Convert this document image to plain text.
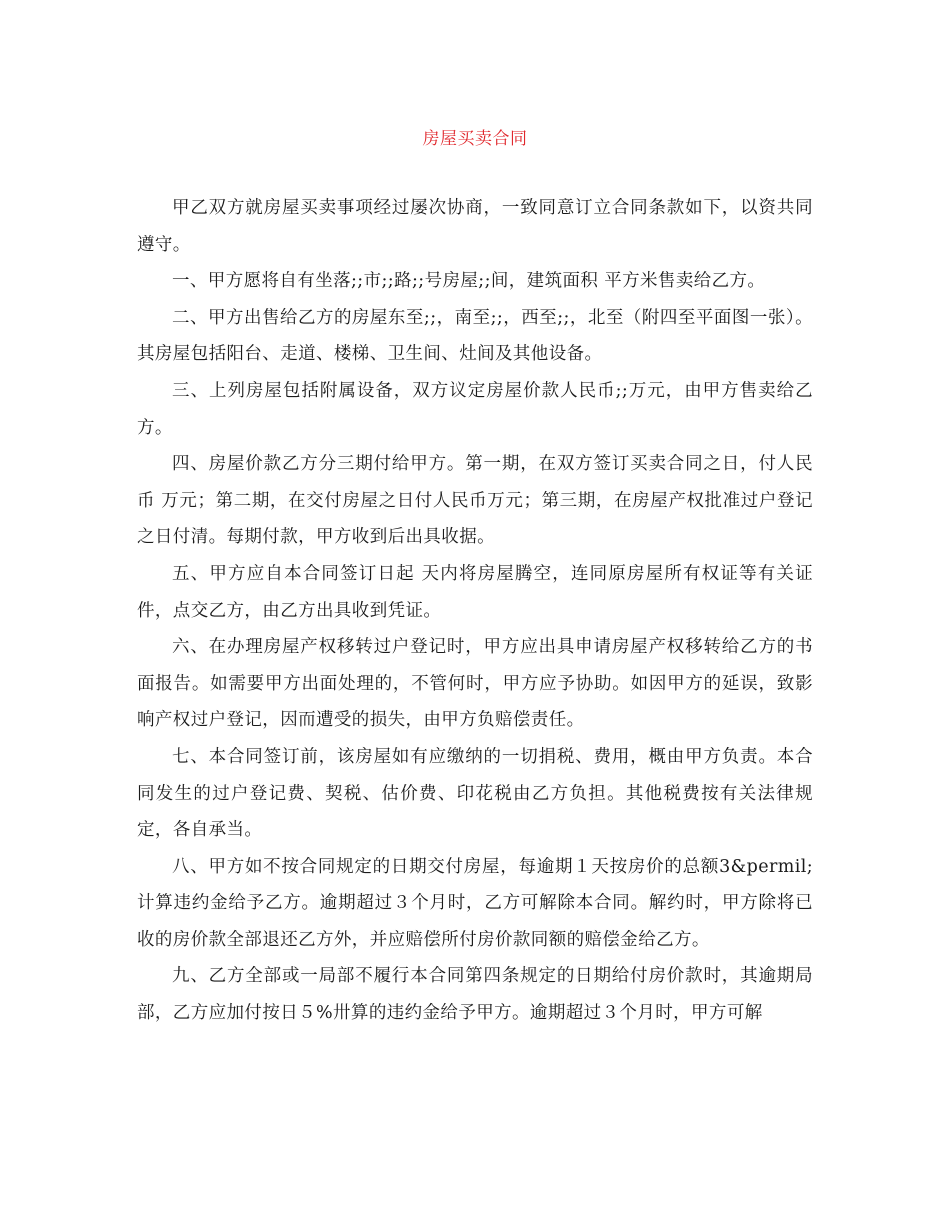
房屋买卖合同

甲乙双方就房屋买卖事项经过屡次协商，一致同意订立合同条款如下，以资共同遵守。

一、甲方愿将自有坐落;;市;;路;;号房屋;;间，建筑面积 平方米售卖给乙方。

二、甲方出售给乙方的房屋东至;;，南至;;，西至;;，北至（附四至平面图一张）。其房屋包括阳台、走道、楼梯、卫生间、灶间及其他设备。

三、上列房屋包括附属设备，双方议定房屋价款人民币;;万元，由甲方售卖给乙方。

四、房屋价款乙方分三期付给甲方。第一期，在双方签订买卖合同之日，付人民币 万元；第二期，在交付房屋之日付人民币万元；第三期，在房屋产权批准过户登记之日付清。每期付款，甲方收到后出具收据。

五、甲方应自本合同签订日起 天内将房屋腾空，连同原房屋所有权证等有关证件，点交乙方，由乙方出具收到凭证。

六、在办理房屋产权移转过户登记时，甲方应出具申请房屋产权移转给乙方的书面报告。如需要甲方出面处理的，不管何时，甲方应予协助。如因甲方的延误，致影响产权过户登记，因而遭受的损失，由甲方负赔偿责任。

七、本合同签订前，该房屋如有应缴纳的一切捐税、费用，概由甲方负责。本合同发生的过户登记费、契税、估价费、印花税由乙方负担。其他税费按有关法律规定，各自承当。

八、甲方如不按合同规定的日期交付房屋，每逾期１天按房价的总额3&permil;计算违约金给予乙方。逾期超过３个月时，乙方可解除本合同。解约时，甲方除将已收的房价款全部退还乙方外，并应赔偿所付房价款同额的赔偿金给乙方。

九、乙方全部或一局部不履行本合同第四条规定的日期给付房价款时，其逾期局部，乙方应加付按日５%卅算的违约金给予甲方。逾期超过３个月时，甲方可解
